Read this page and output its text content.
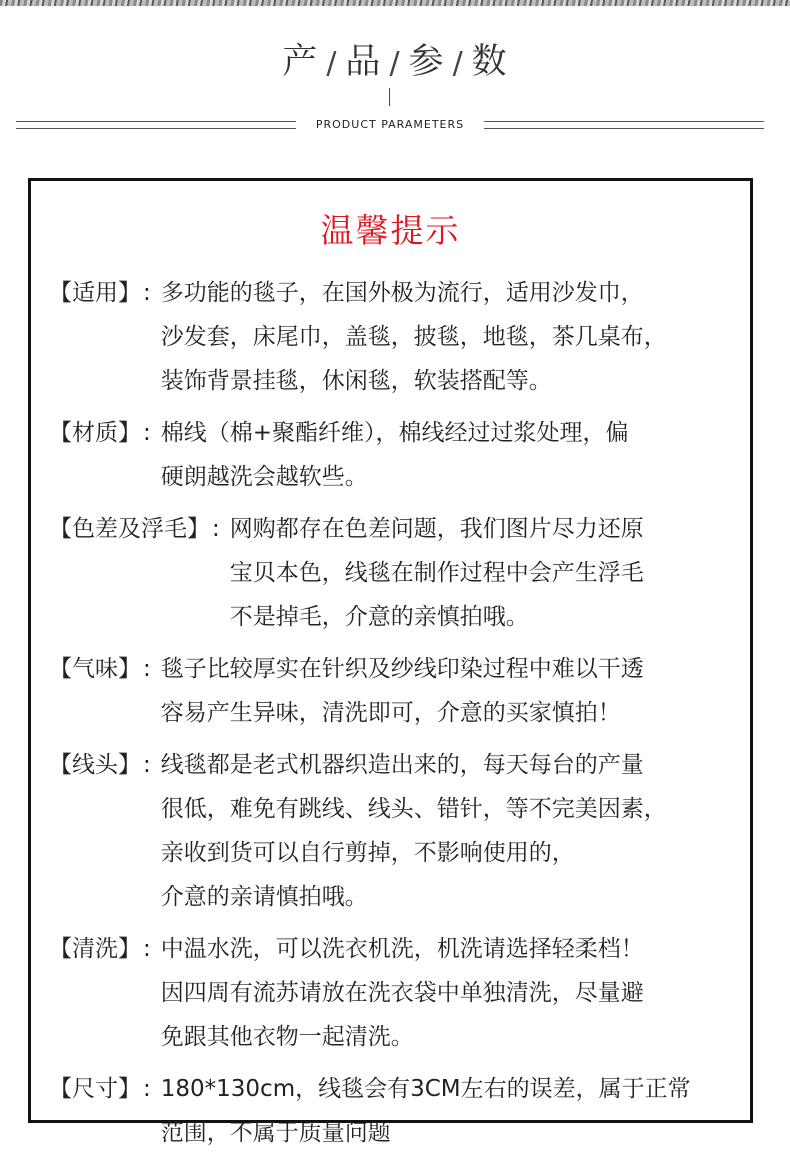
产 / 品 / 参 / 数
PRODUCT PARAMETERS
温馨提示
【适用】: 多功能的毯子，在国外极为流行，适用沙发巾，
沙发套，床尾巾，盖毯，披毯，地毯，茶几桌布，
装饰背景挂毯，休闲毯，软装搭配等。
【材质】: 棉线（棉+聚酯纤维），棉线经过过浆处理，偏
硬朗越洗会越软些。
【色差及浮毛】: 网购都存在色差问题，我们图片尽力还原
宝贝本色，线毯在制作过程中会产生浮毛
不是掉毛，介意的亲慎拍哦。
【气味】: 毯子比较厚实在针织及纱线印染过程中难以干透
容易产生异味，清洗即可，介意的买家慎拍！
【线头】: 线毯都是老式机器织造出来的，每天每台的产量
很低，难免有跳线、线头、错针，等不完美因素，
亲收到货可以自行剪掉，不影响使用的，
介意的亲请慎拍哦。
【清洗】: 中温水洗，可以洗衣机洗，机洗请选择轻柔档！
因四周有流苏请放在洗衣袋中单独清洗，尽量避
免跟其他衣物一起清洗。
【尺寸】: 180*130cm，线毯会有3CM左右的误差，属于正常
范围，不属于质量问题
